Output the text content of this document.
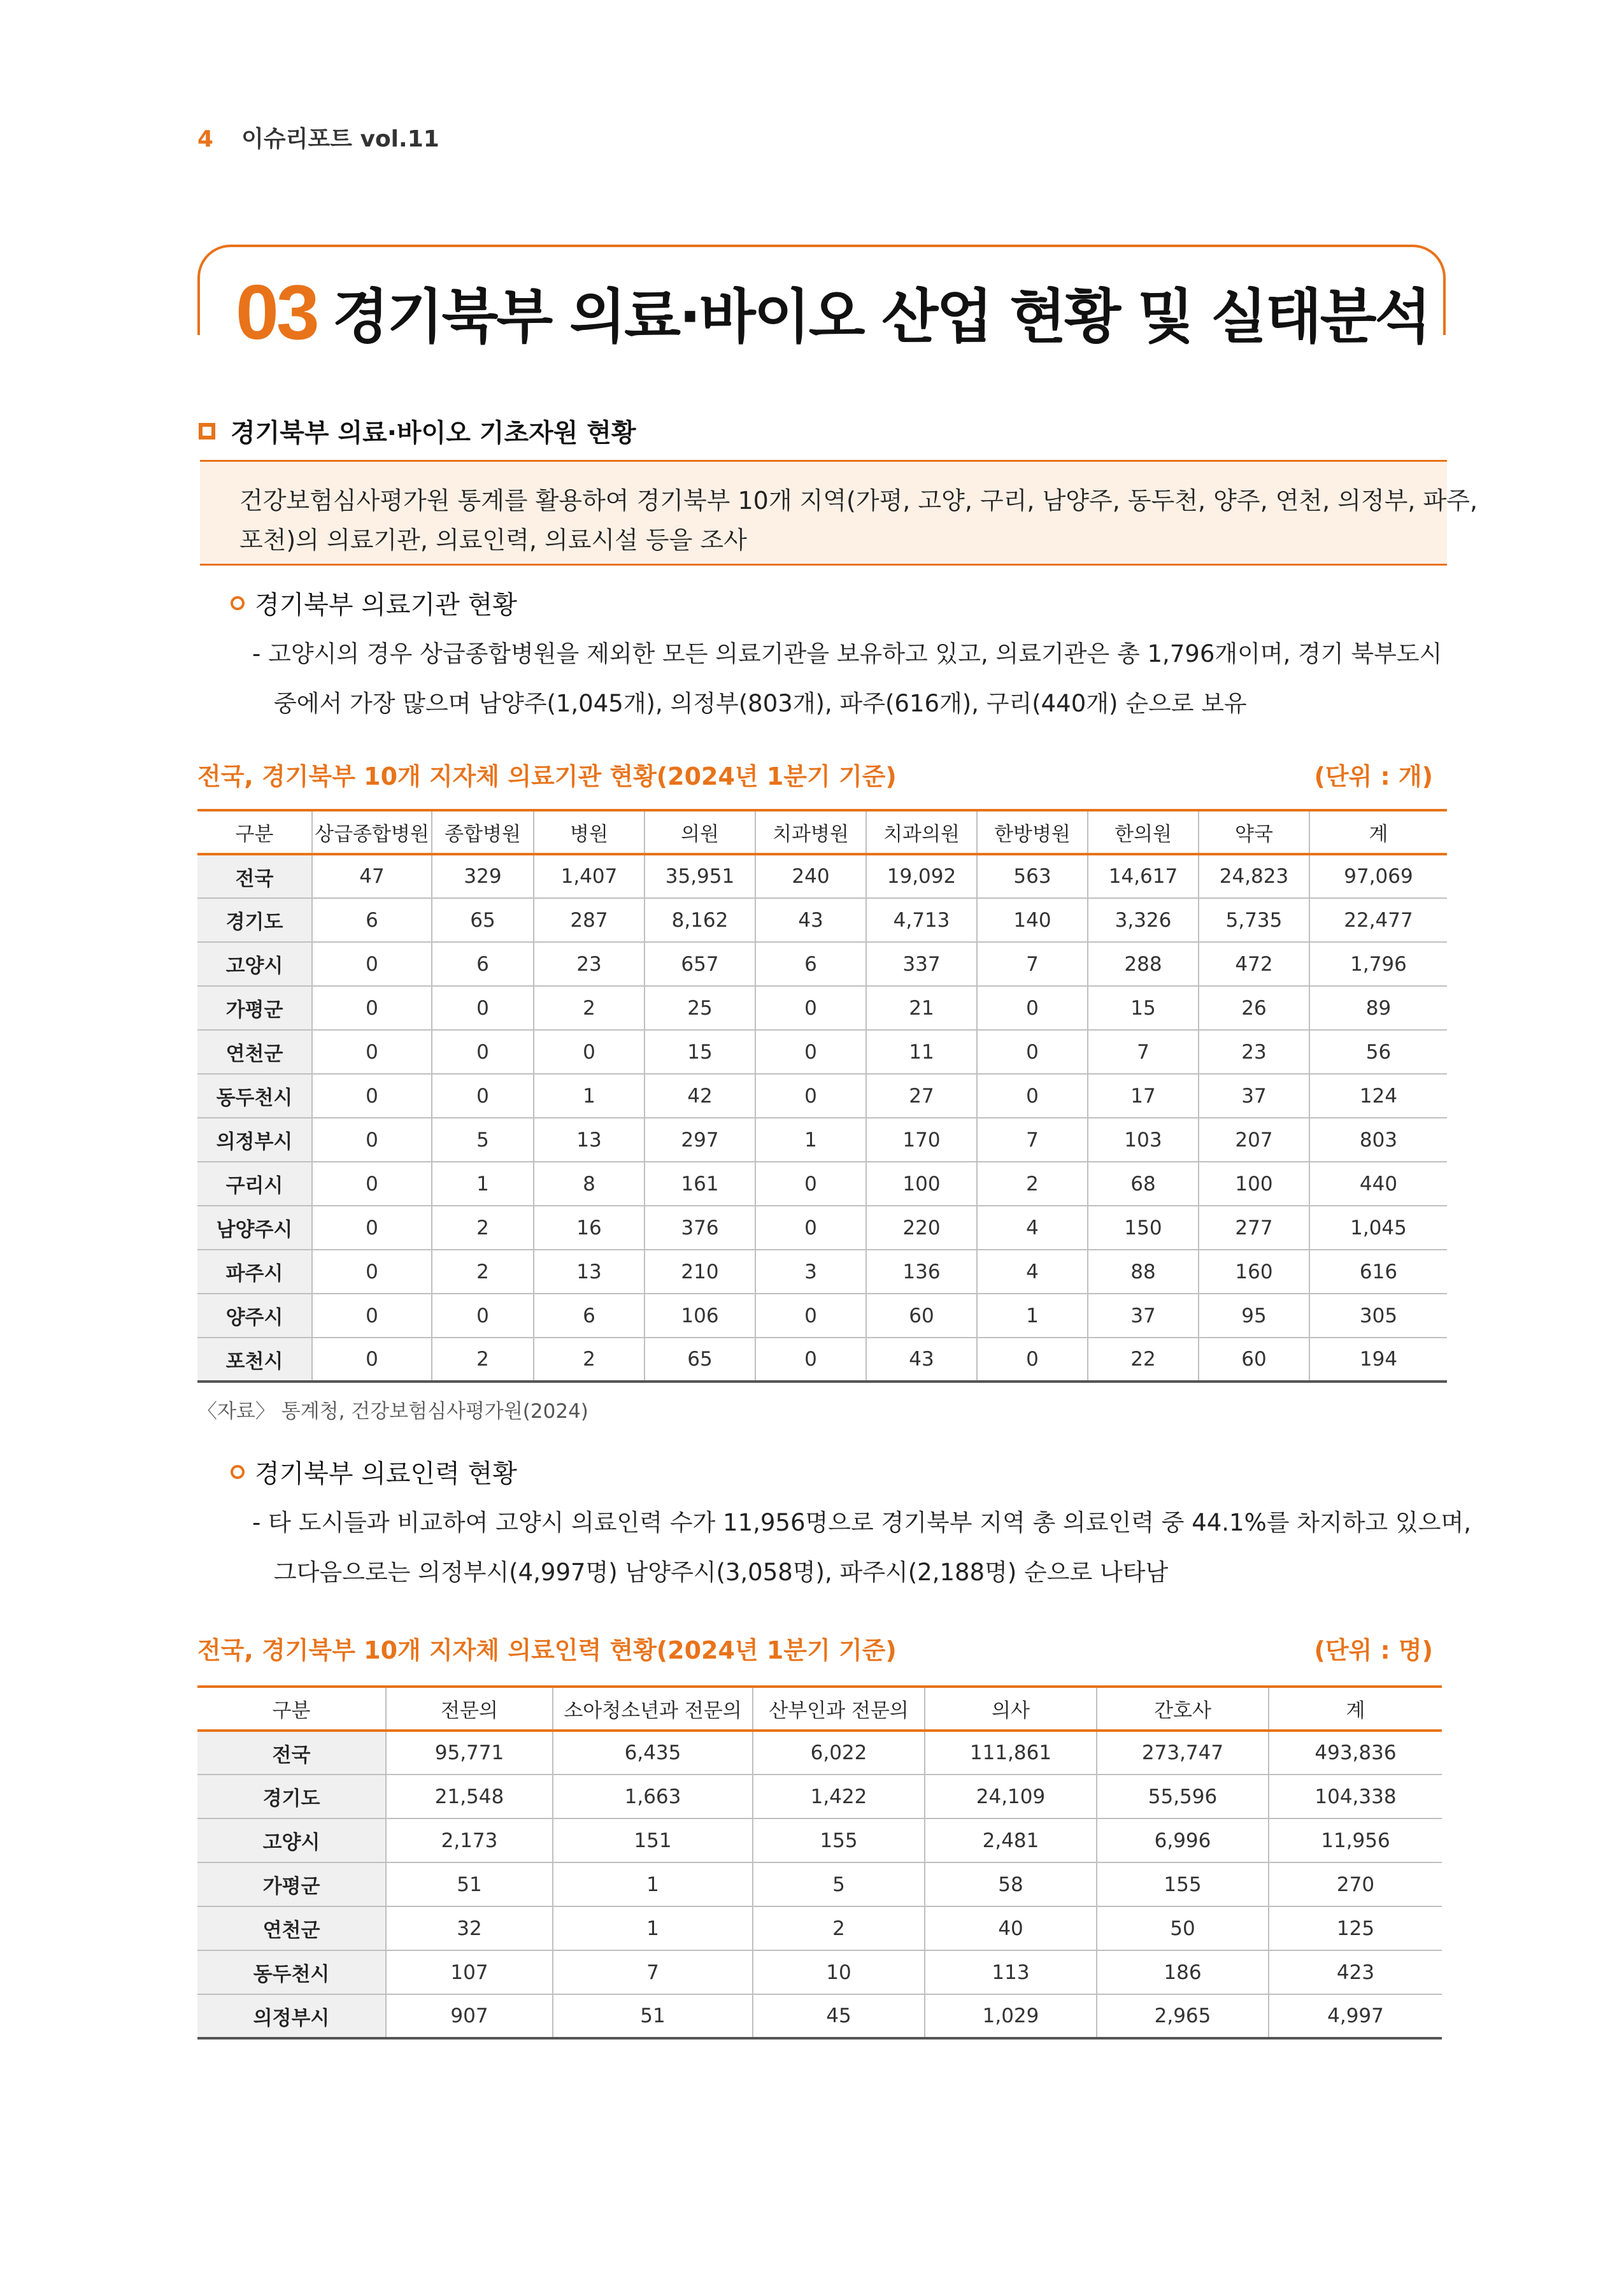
4 이슈리포트 vol.11
03 경기북부 의료·바이오 산업 현황 및 실태분석
경기북부 의료·바이오 기초자원 현황
건강보험심사평가원 통계를 활용하여 경기북부 10개 지역(가평, 고양, 구리, 남양주, 동두천, 양주, 연천, 의정부, 파주,
포천)의 의료기관, 의료인력, 의료시설 등을 조사
경기북부 의료기관 현황
- 고양시의 경우 상급종합병원을 제외한 모든 의료기관을 보유하고 있고, 의료기관은 총 1,796개이며, 경기 북부도시
중에서 가장 많으며 남양주(1,045개), 의정부(803개), 파주(616개), 구리(440개) 순으로 보유
전국, 경기북부 10개 지자체 의료기관 현황(2024년 1분기 기준)	(단위 : 개)
구분	상급종합병원	종합병원	병원	의원	치과병원	치과의원	한방병원	한의원	약국	계
전국	47	329	1,407	35,951	240	19,092	563	14,617	24,823	97,069
경기도	6	65	287	8,162	43	4,713	140	3,326	5,735	22,477
고양시	0	6	23	657	6	337	7	288	472	1,796
가평군	0	0	2	25	0	21	0	15	26	89
연천군	0	0	0	15	0	11	0	7	23	56
동두천시	0	0	1	42	0	27	0	17	37	124
의정부시	0	5	13	297	1	170	7	103	207	803
구리시	0	1	8	161	0	100	2	68	100	440
남양주시	0	2	16	376	0	220	4	150	277	1,045
파주시	0	2	13	210	3	136	4	88	160	616
양주시	0	0	6	106	0	60	1	37	95	305
포천시	0	2	2	65	0	43	0	22	60	194
〈자료〉 통계청, 건강보험심사평가원(2024)
경기북부 의료인력 현황
- 타 도시들과 비교하여 고양시 의료인력 수가 11,956명으로 경기북부 지역 총 의료인력 중 44.1%를 차지하고 있으며,
그다음으로는 의정부시(4,997명) 남양주시(3,058명), 파주시(2,188명) 순으로 나타남
전국, 경기북부 10개 지자체 의료인력 현황(2024년 1분기 기준)	(단위 : 명)
구분	전문의	소아청소년과 전문의	산부인과 전문의	의사	간호사	계
전국	95,771	6,435	6,022	111,861	273,747	493,836
경기도	21,548	1,663	1,422	24,109	55,596	104,338
고양시	2,173	151	155	2,481	6,996	11,956
가평군	51	1	5	58	155	270
연천군	32	1	2	40	50	125
동두천시	107	7	10	113	186	423
의정부시	907	51	45	1,029	2,965	4,997
